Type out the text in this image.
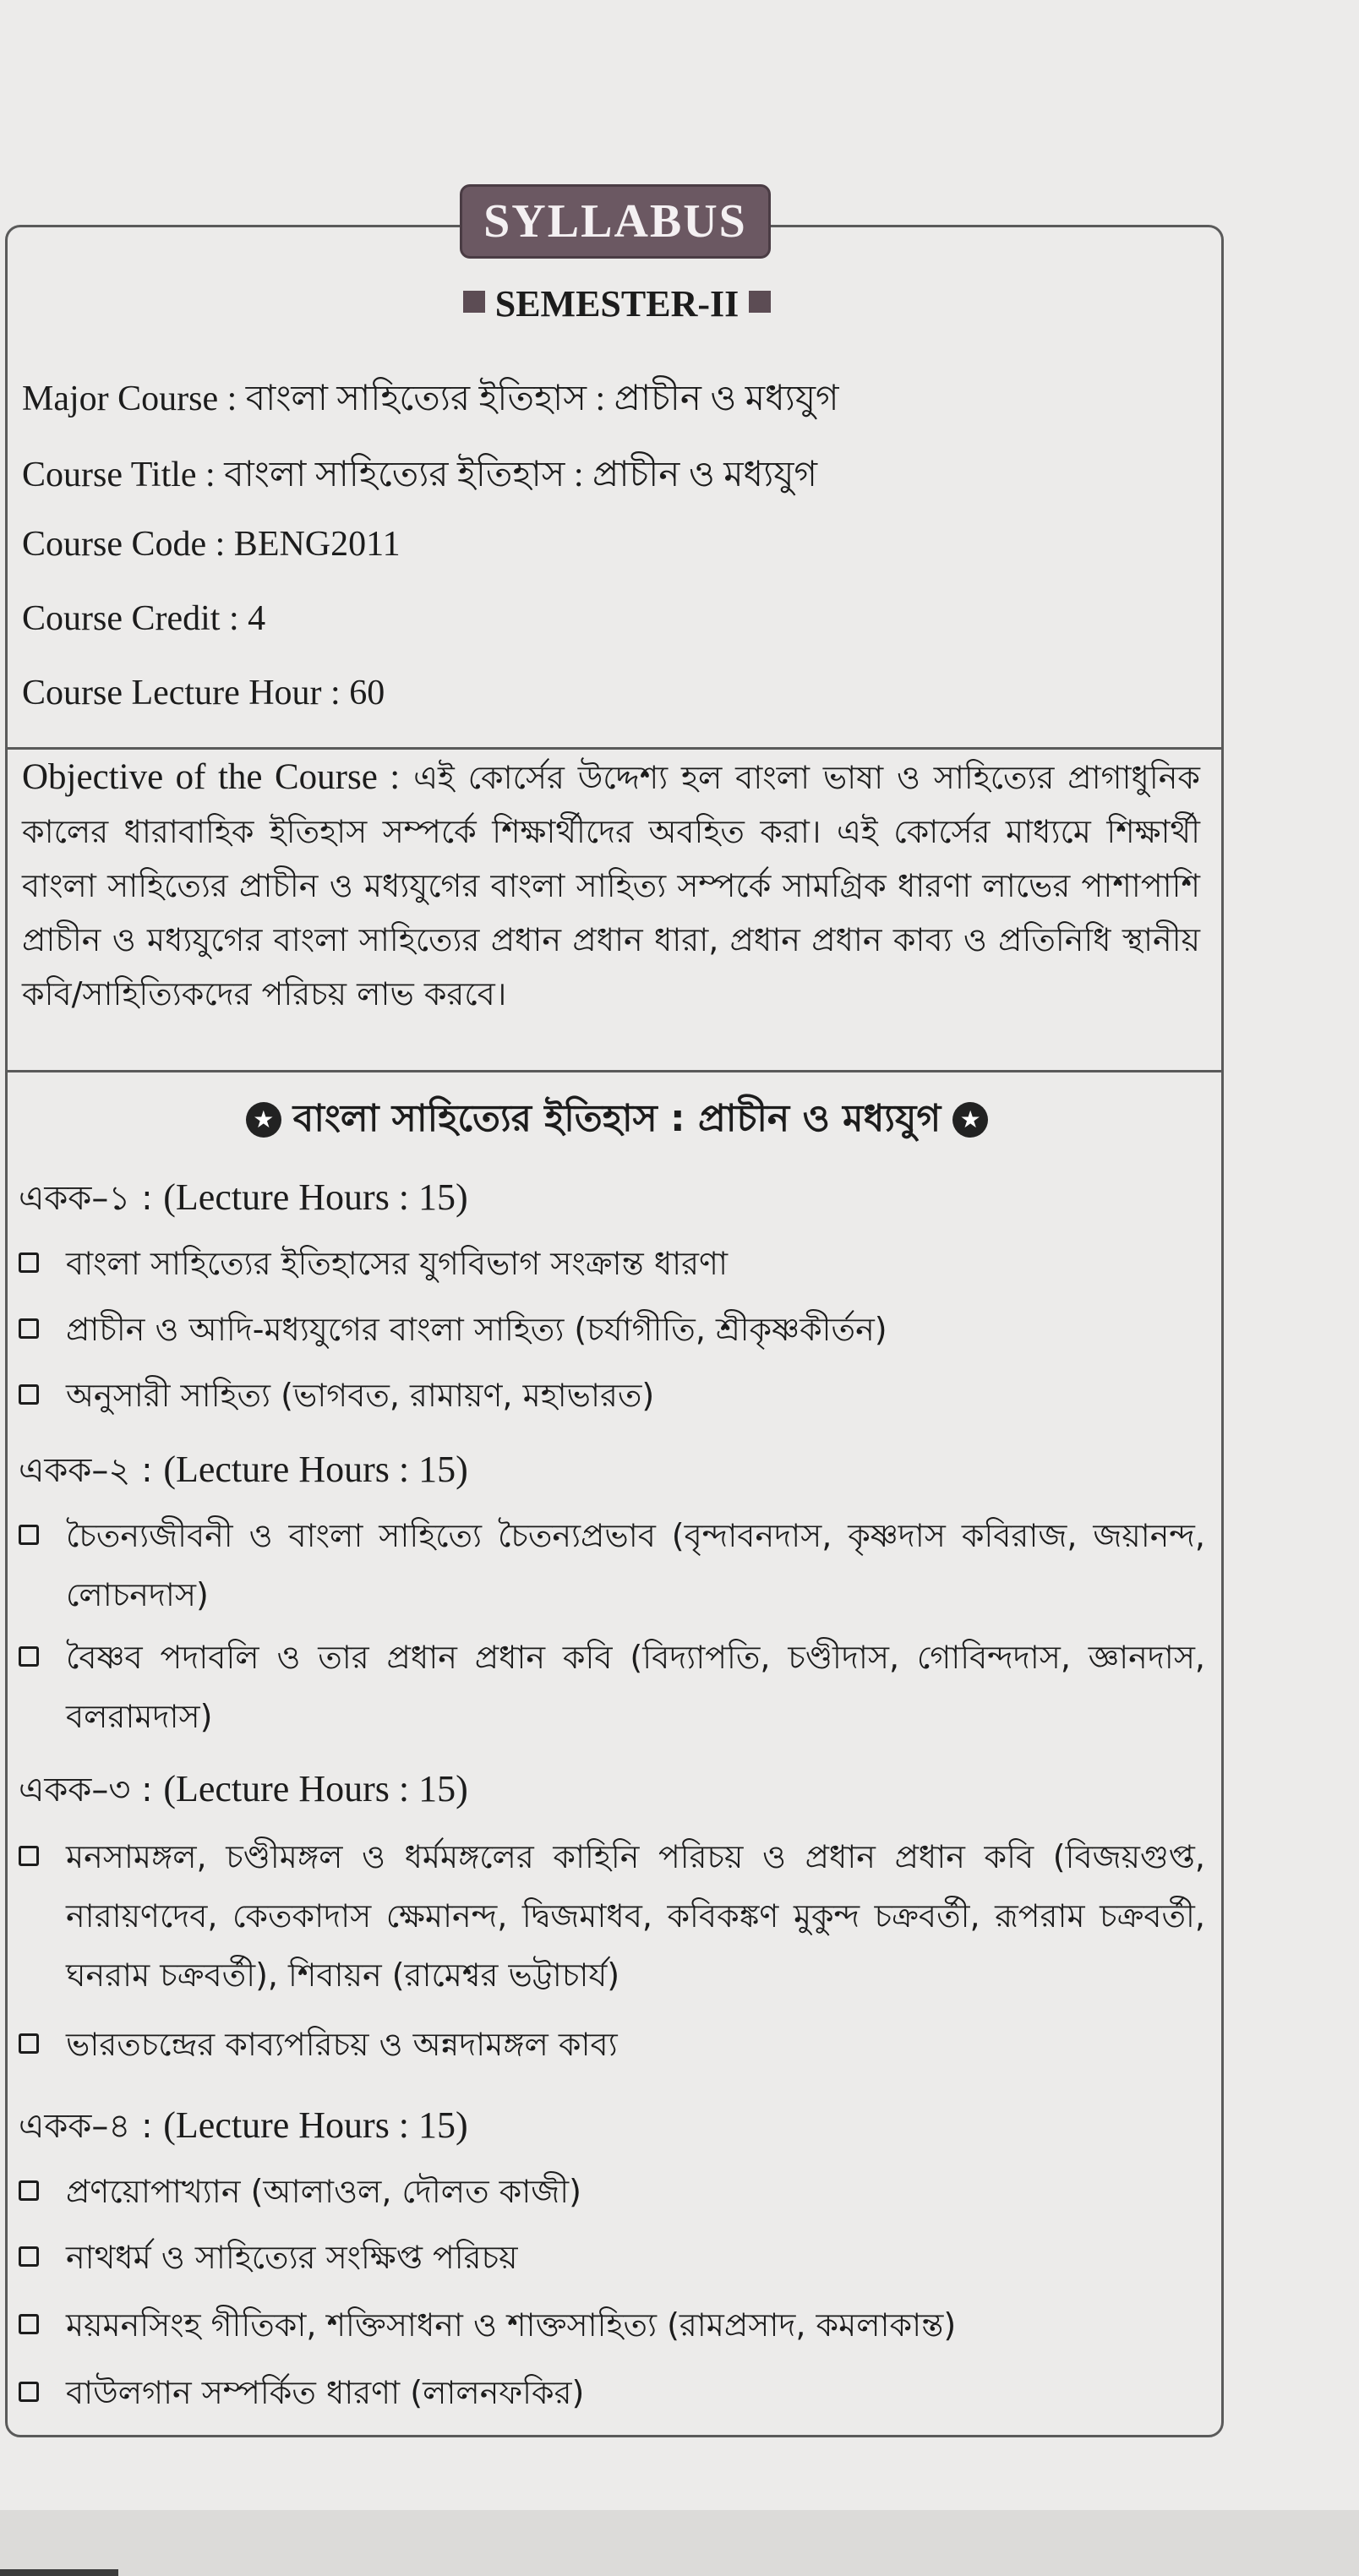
SYLLABUS
SEMESTER-II
Major Course : বাংলা সাহিত্যের ইতিহাস : প্রাচীন ও মধ্যযুগ
Course Title : বাংলা সাহিত্যের ইতিহাস : প্রাচীন ও মধ্যযুগ
Course Code : BENG2011
Course Credit : 4
Course Lecture Hour : 60
Objective of the Course : এই কোর্সের উদ্দেশ্য হল বাংলা ভাষা ও সাহিত্যের প্রাগাধুনিক কালের ধারাবাহিক ইতিহাস সম্পর্কে শিক্ষার্থীদের অবহিত করা। এই কোর্সের মাধ্যমে শিক্ষার্থী বাংলা সাহিত্যের প্রাচীন ও মধ্যযুগের বাংলা সাহিত্য সম্পর্কে সামগ্রিক ধারণা লাভের পাশাপাশি প্রাচীন ও মধ্যযুগের বাংলা সাহিত্যের প্রধান প্রধান ধারা, প্রধান প্রধান কাব্য ও প্রতিনিধি স্থানীয় কবি/সাহিত্যিকদের পরিচয় লাভ করবে।
★ বাংলা সাহিত্যের ইতিহাস : প্রাচীন ও মধ্যযুগ ★
একক–১ : (Lecture Hours : 15)
বাংলা সাহিত্যের ইতিহাসের যুগবিভাগ সংক্রান্ত ধারণা
প্রাচীন ও আদি-মধ্যযুগের বাংলা সাহিত্য (চর্যাগীতি, শ্রীকৃষ্ণকীর্তন)
অনুসারী সাহিত্য (ভাগবত, রামায়ণ, মহাভারত)
একক–২ : (Lecture Hours : 15)
চৈতন্যজীবনী ও বাংলা সাহিত্যে চৈতন্যপ্রভাব (বৃন্দাবনদাস, কৃষ্ণদাস কবিরাজ, জয়ানন্দ, লোচনদাস)
বৈষ্ণব পদাবলি ও তার প্রধান প্রধান কবি (বিদ্যাপতি, চণ্ডীদাস, গোবিন্দদাস, জ্ঞানদাস, বলরামদাস)
একক–৩ : (Lecture Hours : 15)
মনসামঙ্গল, চণ্ডীমঙ্গল ও ধর্মমঙ্গলের কাহিনি পরিচয় ও প্রধান প্রধান কবি (বিজয়গুপ্ত, নারায়ণদেব, কেতকাদাস ক্ষেমানন্দ, দ্বিজমাধব, কবিকঙ্কণ মুকুন্দ চক্রবর্তী, রূপরাম চক্রবর্তী, ঘনরাম চক্রবর্তী), শিবায়ন (রামেশ্বর ভট্টাচার্য)
ভারতচন্দ্রের কাব্যপরিচয় ও অন্নদামঙ্গল কাব্য
একক–৪ : (Lecture Hours : 15)
প্রণয়োপাখ্যান (আলাওল, দৌলত কাজী)
নাথধর্ম ও সাহিত্যের সংক্ষিপ্ত পরিচয়
ময়মনসিংহ গীতিকা, শক্তিসাধনা ও শাক্তসাহিত্য (রামপ্রসাদ, কমলাকান্ত)
বাউলগান সম্পর্কিত ধারণা (লালনফকির)
